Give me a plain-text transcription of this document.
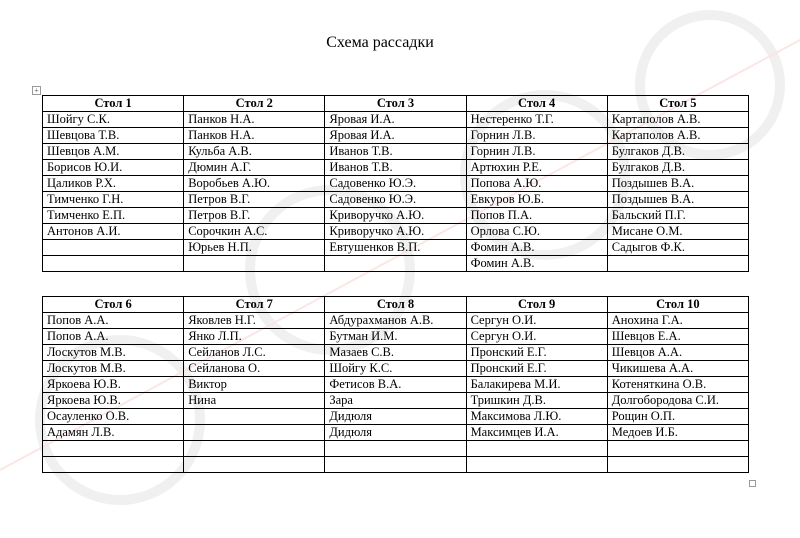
Схема рассадки
+
Стол 1	Стол 2	Стол 3	Стол 4	Стол 5
Шойгу С.К.	Панков Н.А.	Яровая И.А.	Нестеренко Т.Г.	Картаполов А.В.
Шевцова Т.В.	Панков Н.А.	Яровая И.А.	Горнин Л.В.	Картаполов А.В.
Шевцов А.М.	Кульба А.В.	Иванов Т.В.	Горнин Л.В.	Булгаков Д.В.
Борисов Ю.И.	Дюмин А.Г.	Иванов Т.В.	Артюхин Р.Е.	Булгаков Д.В.
Цаликов Р.Х.	Воробьев А.Ю.	Садовенко Ю.Э.	Попова А.Ю.	Поздышев В.А.
Тимченко Г.Н.	Петров В.Г.	Садовенко Ю.Э.	Евкуров Ю.Б.	Поздышев В.А.
Тимченко Е.П.	Петров В.Г.	Криворучко А.Ю.	Попов П.А.	Бальский П.Г.
Антонов А.И.	Сорочкин А.С.	Криворучко А.Ю.	Орлова С.Ю.	Мисане О.М.
	Юрьев Н.П.	Евтушенков В.П.	Фомин А.В.	Садыгов Ф.К.
			Фомин А.В.	
Стол 6	Стол 7	Стол 8	Стол 9	Стол 10
Попов А.А.	Яковлев Н.Г.	Абдурахманов А.В.	Сергун О.И.	Анохина Г.А.
Попов А.А.	Янко Л.П.	Бутман И.М.	Сергун О.И.	Шевцов Е.А.
Лоскутов М.В.	Сейланов Л.С.	Мазаев С.В.	Пронский Е.Г.	Шевцов А.А.
Лоскутов М.В.	Сейланова О.	Шойгу К.С.	Пронский Е.Г.	Чикишева А.А.
Яркоева Ю.В.	Виктор	Фетисов В.А.	Балакирева М.И.	Котеняткина О.В.
Яркоева Ю.В.	Нина	Зара	Тришкин Д.В.	Долгобородова С.И.
Осауленко О.В.		Дидюля	Максимова Л.Ю.	Рощин О.П.
Адамян Л.В.		Дидюля	Максимцев И.А.	Медоев И.Б.
